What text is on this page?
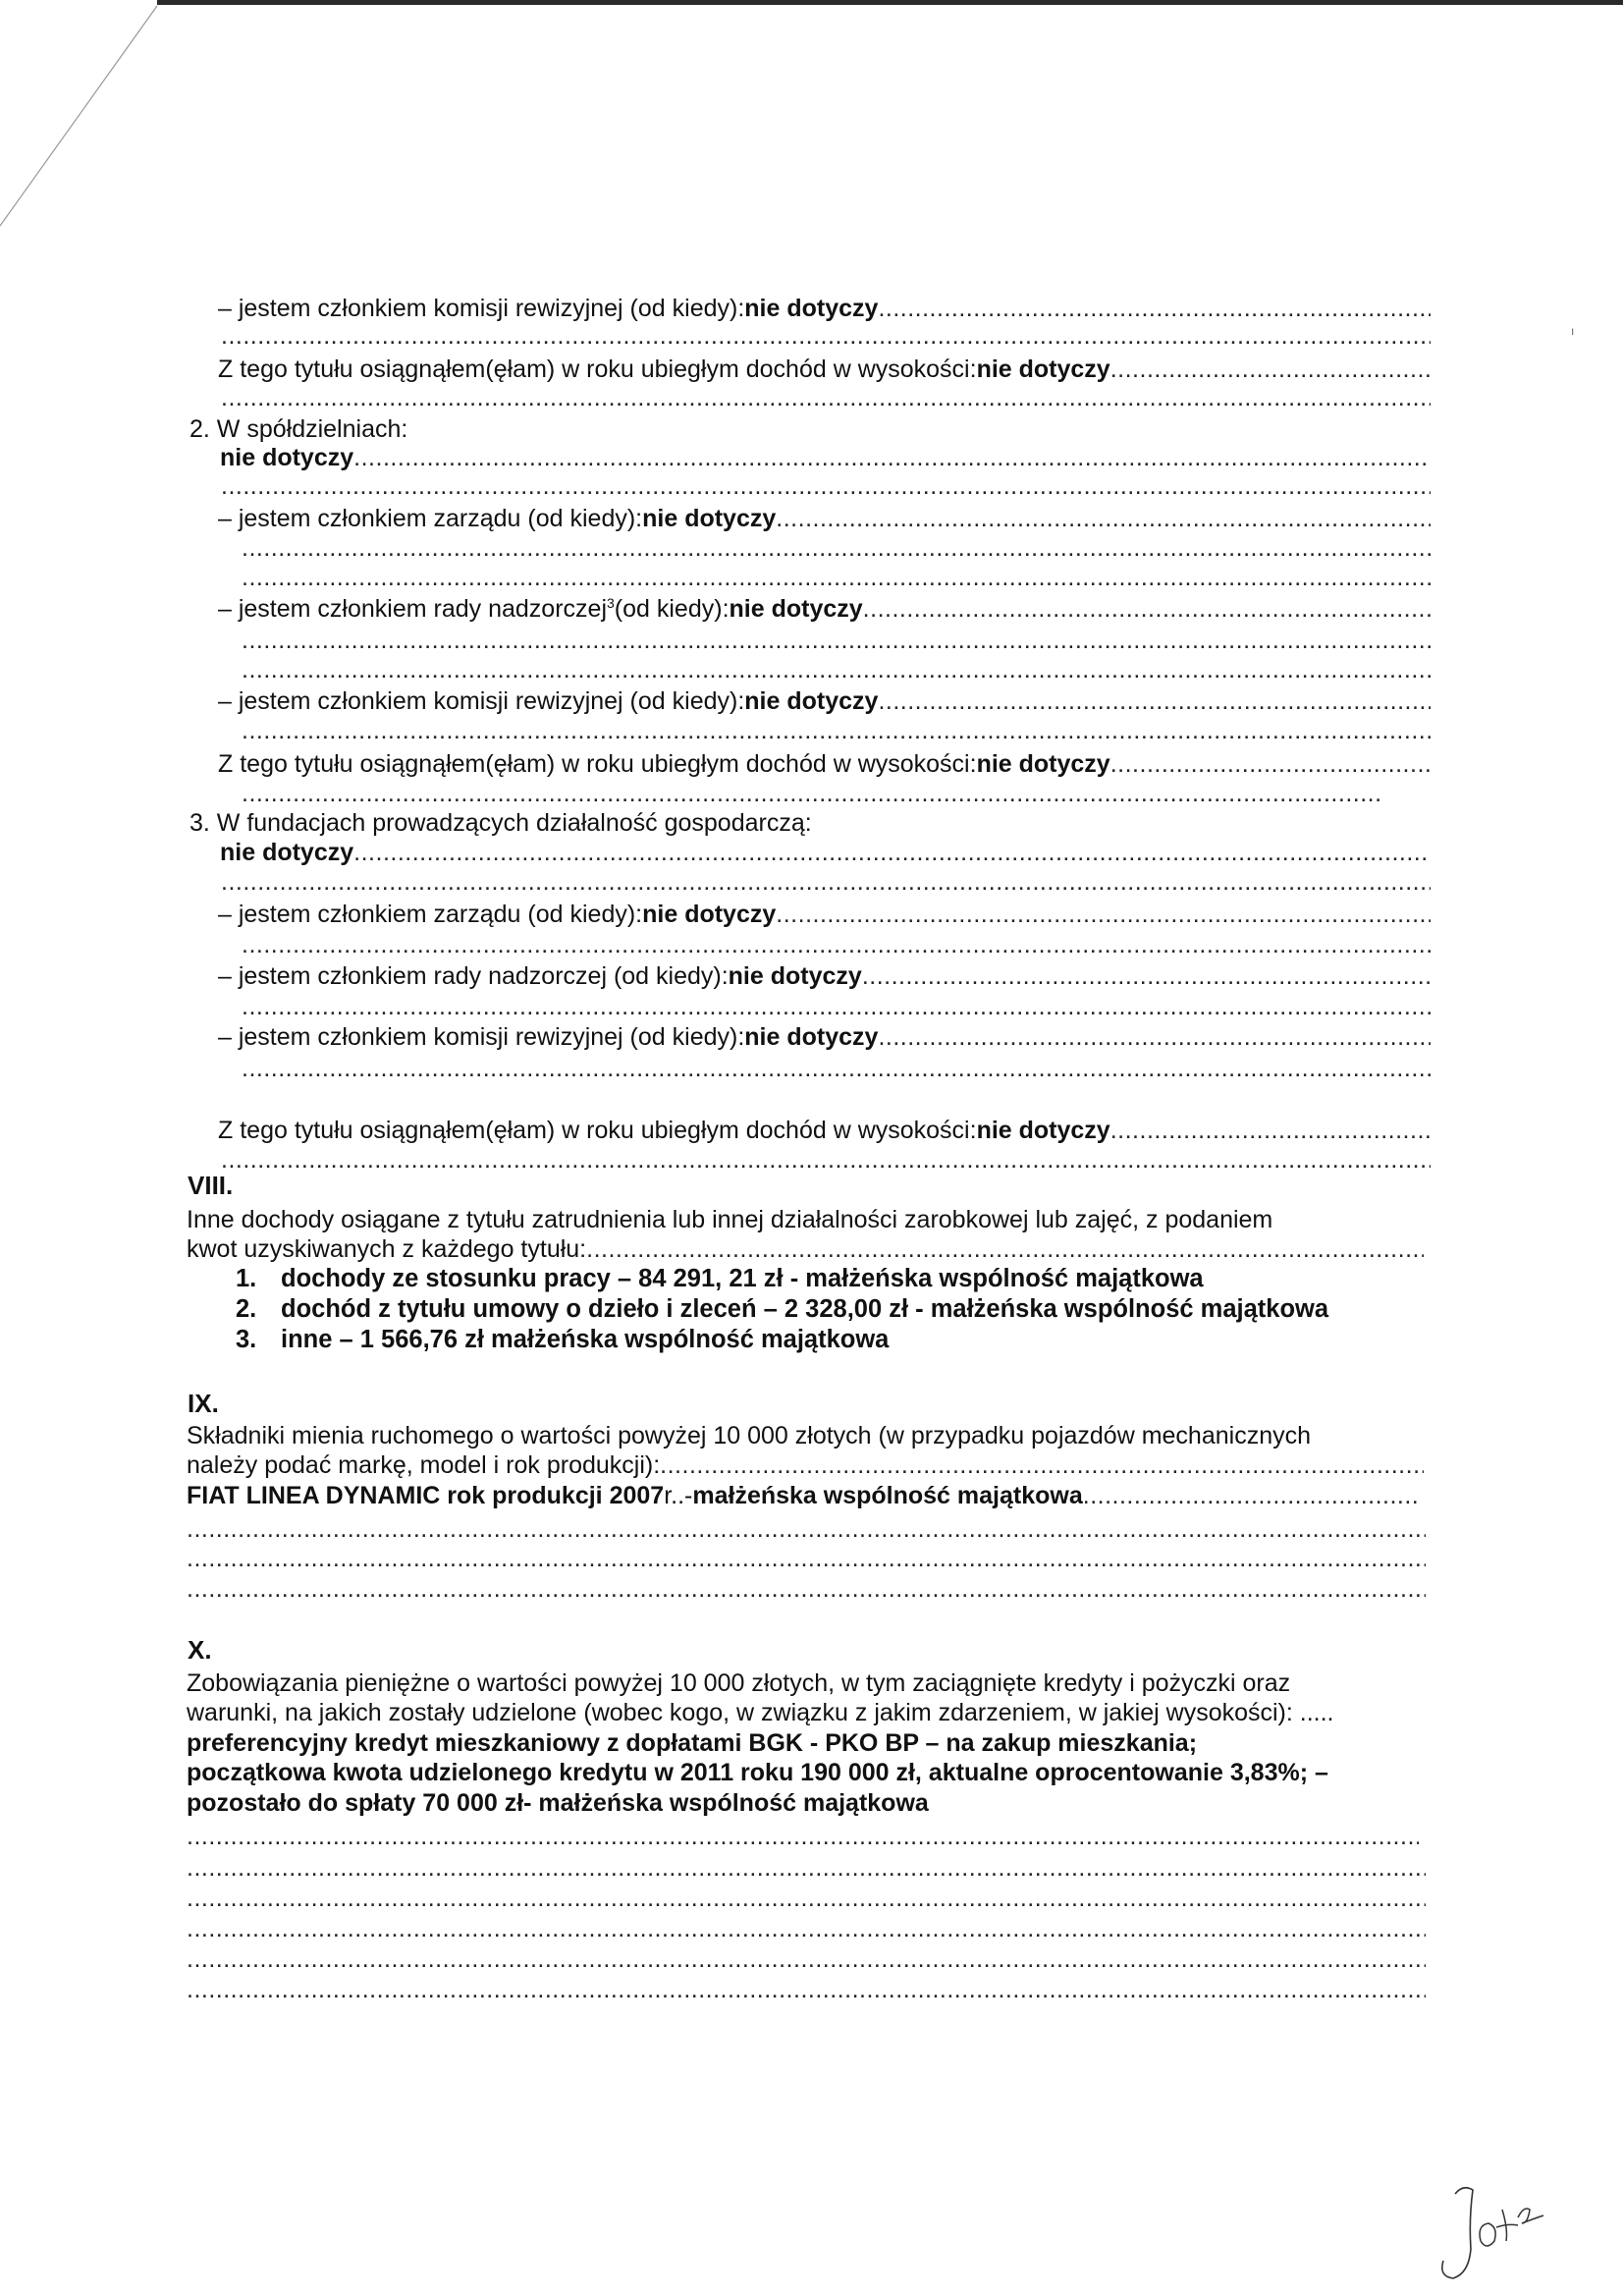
ı
– jestem członkiem komisji rewizyjnej (od kiedy): nie dotyczy
.....
.....
Z tego tytułu osiągnąłem(ęłam) w roku ubiegłym dochód w wysokości: nie dotyczy
.....
.....
2. W spółdzielniach:
nie dotyczy
.....
.....
– jestem członkiem zarządu (od kiedy): nie dotyczy
.....
.....
.....
– jestem członkiem rady nadzorczej 3 (od kiedy): nie dotyczy
.....
.....
.....
– jestem członkiem komisji rewizyjnej (od kiedy): nie dotyczy
.....
.....
Z tego tytułu osiągnąłem(ęłam) w roku ubiegłym dochód w wysokości: nie dotyczy
.....
.....
3. W fundacjach prowadzących działalność gospodarczą:
nie dotyczy
.....
.....
– jestem członkiem zarządu (od kiedy): nie dotyczy
.....
.....
– jestem członkiem rady nadzorczej (od kiedy): nie dotyczy
.....
.....
– jestem członkiem komisji rewizyjnej (od kiedy): nie dotyczy
.....
.....
Z tego tytułu osiągnąłem(ęłam) w roku ubiegłym dochód w wysokości: nie dotyczy
.....
.....
VIII.
Inne dochody osiągane z tytułu zatrudnienia lub innej działalności zarobkowej lub zajęć, z podaniem
kwot uzyskiwanych z każdego tytułu:
.....
1. dochody ze stosunku pracy – 84 291, 21 zł - małżeńska wspólność majątkowa
2. dochód z tytułu umowy o dzieło i zleceń – 2 328,00 zł - małżeńska wspólność majątkowa
3. inne – 1 566,76 zł małżeńska wspólność majątkowa
IX.
Składniki mienia ruchomego o wartości powyżej 10 000 złotych (w przypadku pojazdów mechanicznych
należy podać markę, model i rok produkcji):
.....
FIAT LINEA DYNAMIC rok produkcji 2007 r..- małżeńska wspólność majątkowa
.....
.....
.....
.....
X.
Zobowiązania pieniężne o wartości powyżej 10 000 złotych, w tym zaciągnięte kredyty i pożyczki oraz
warunki, na jakich zostały udzielone (wobec kogo, w związku z jakim zdarzeniem, w jakiej wysokości): .....
preferencyjny kredyt mieszkaniowy z dopłatami BGK - PKO BP – na zakup mieszkania;
początkowa kwota udzielonego kredytu w 2011 roku 190 000 zł, aktualne oprocentowanie 3,83%; –
pozostało do spłaty 70 000 zł- małżeńska wspólność majątkowa
.....
.....
.....
.....
.....
.....
